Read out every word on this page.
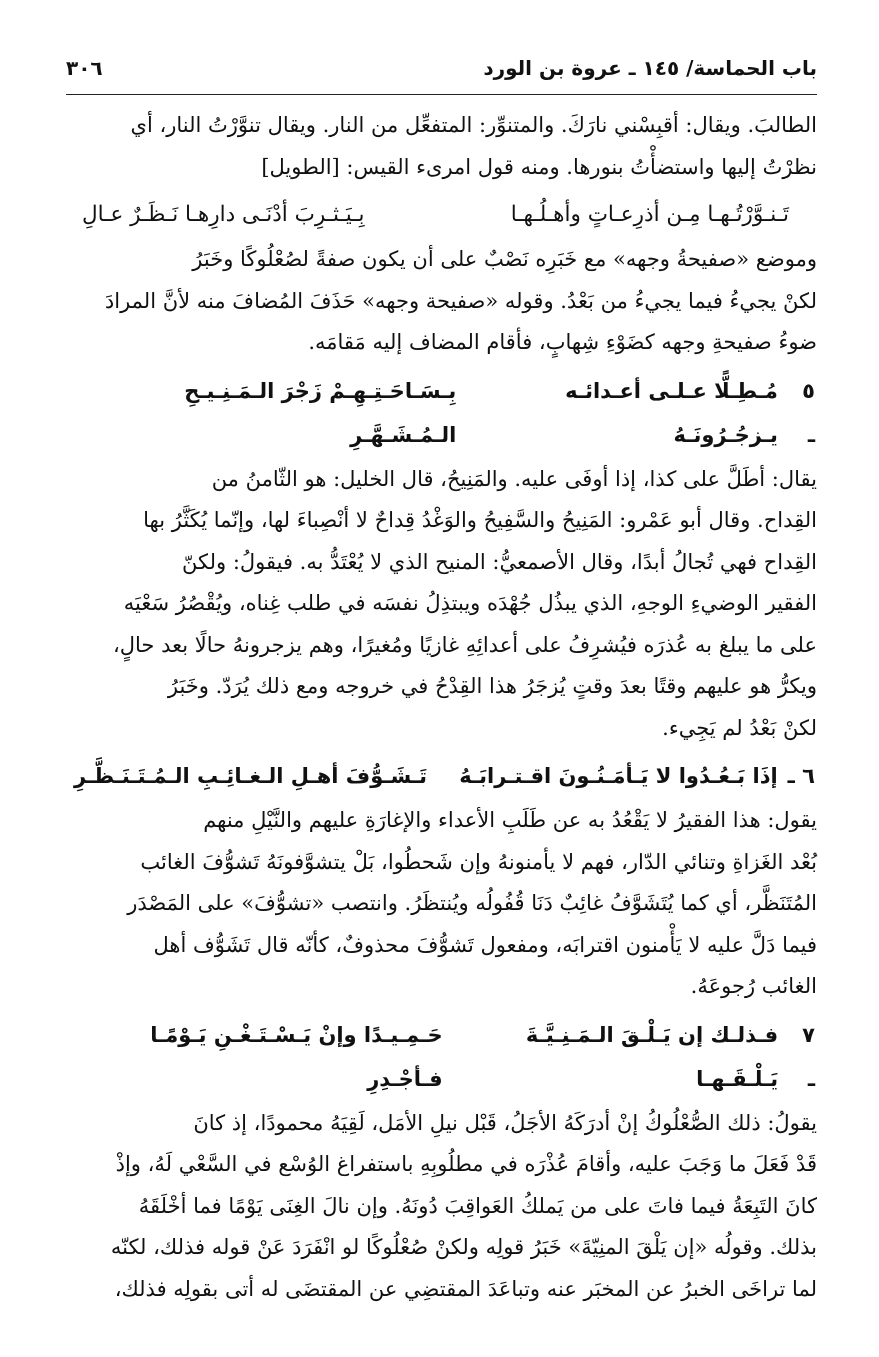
باب الحماسة/ ١٤٥ ـ عروة بن الورد
٣٠٦

الطالبَ. ويقال: أقبِسْني نارَكَ. والمتنوِّر: المتفعِّل من النار. ويقال تنوَّرْتُ النار، أي
نظرْتُ إليها واستضأْتُ بنورها. ومنه قول امرىء القيس: [الطويل]

تَـنـوَّرْتُـهـا مِـن أذرِعـاتٍ وأهـلُـهـا
بِـيَـثـرِبَ أدْنَـى دارِهـا نَـظَـرٌ عـالِ

وموضع «صفيحةُ وجهه» مع خَبَرِه نَصْبٌ على أن يكون صفةً لصُعْلُوكًا وخَبَرُ
لكنْ يجيءُ فيما يجيءُ من بَعْدُ. وقوله «صفيحة وجهه» حَذَفَ المُضافَ منه لأنَّ المرادَ
ضوءُ صفيحةِ وجهه كضَوْءِ شِهابٍ، فأقام المضاف إليه مَقامَه.

٥ ـ
مُـطِـلًّا عـلـى أعـدائـه يـزجُـرُونَـهُ
بِـسَـاحَـتِـهِـمْ زَجْرَ الـمَـنِـيـحِ الـمُـشَـهَّـرِ

يقال: أطَلَّ على كذا، إذا أوفَى عليه. والمَنِيحُ، قال الخليل: هو الثّامنُ من
القِداح. وقال أبو عَمْرو: المَنِيحُ والسَّفِيحُ والوَغْدُ قِداحٌ لا أنْصِباءَ لها، وإنّما يُكَثَّرُ بها
القِداح فهي تُجالُ أبدًا، وقال الأصمعيُّ: المنيح الذي لا يُعْتَدُّ به. فيقولُ: ولكنّ
الفقير الوضيءِ الوجهِ، الذي يبذُل جُهْدَه ويبتذِلُ نفسَه في طلب غِناه، ويُقْصُرُ سَعْيَه
على ما يبلغ به عُذرَه فيُشرِفُ على أعدائِهِ غازيًا ومُغيرًا، وهم يزجرونهُ حالًا بعد حالٍ،
ويكرُّ هو عليهم وقتًا بعدَ وقتٍ يُزجَرُ هذا القِدْحُ في خروجه ومع ذلك يُرَدّ. وخَبَرُ
لكنْ بَعْدُ لم يَجِيء.

٦ ـ
إذَا بَـعُـدُوا لا يَـأمَـنُـونَ اقـتـرابَـهُ
تَـشَـوُّفَ أهـلِ الـغـائِـبِ الـمُـتَـنَـظَّـرِ

يقول: هذا الفقيرُ لا يَقْعُدُ به عن طَلَبِ الأعداء والإغارَةِ عليهم والنَّيْلِ منهم
بُعْد الغَزاةِ وتنائي الدّار، فهم لا يأمنونهُ وإن شَحطُوا، بَلْ يتشوَّفونَهُ تَشوُّفَ الغائب
المُتَنَظَّر، أي كما يُتَشَوَّفُ غائِبٌ دَنَا قُفُولُه ويُنتظَرُ. وانتصب «تشوُّفَ» على المَصْدَر
فيما دَلَّ عليه لا يَأْمنون اقترابَه، ومفعول تَشوُّفَ محذوفٌ، كأنّه قال تَشَوُّف أهل
الغائب رُجوعَهُ.

٧ ـ
فـذلـك إن يَـلْـقَ الـمَـنِـيَّـةَ يَـلْـقَـهـا
حَـمِـيـدًا وإنْ يَـسْـتَـغْـنِ يَـوْمًـا فـأجْـدِرِ

يقولُ: ذلك الصُّعْلُوكُ إنْ أدرَكَهُ الأجَلُ، قَبْل نيلِ الأمَل، لَقِيَهُ محمودًا، إذ كانَ
قَدْ فَعَلَ ما وَجَبَ عليه، وأقامَ عُذْرَه في مطلُوبِهِ باستفراغ الوُسْع في السَّعْي لَهُ، وإذْ
كانَ التَبِعَةُ فيما فاتَ على من يَملكُ العَواقِبَ دُونَهُ. وإن نالَ الغِنَى يَوْمًا فما أخْلَقَهُ
بذلك. وقولُه «إن يَلْقَ المنِيّةَ» خَبَرُ قولِه ولكنْ صُعْلُوكًا لو انْفَرَدَ عَنْ قوله فذلك، لكنّه
لما تراخَى الخبرُ عن المخبَر عنه وتباعَدَ المقتضِي عن المقتضَى له أتى بقولِه فذلك،
